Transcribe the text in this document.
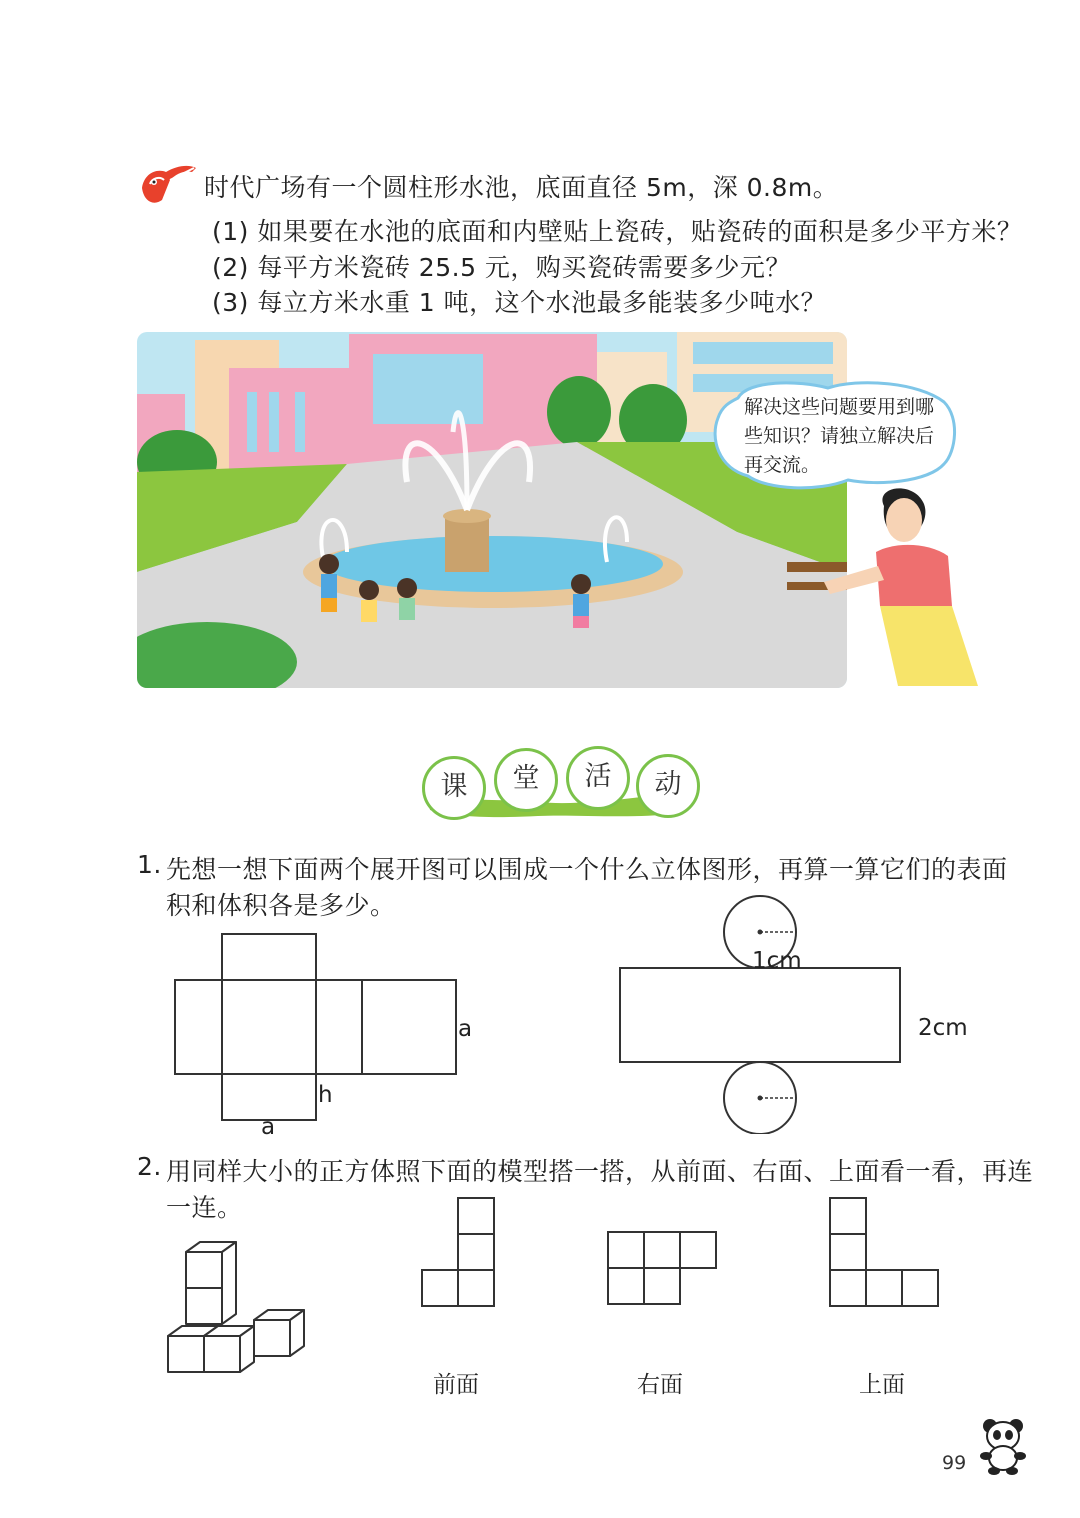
时代广场有一个圆柱形水池，底面直径 5m，深 0.8m。
(1) 如果要在水池的底面和内壁贴上瓷砖，贴瓷砖的面积是多少平方米？
(2) 每平方米瓷砖 25.5 元，购买瓷砖需要多少元？
(3) 每立方米水重 1 吨，这个水池最多能装多少吨水？
解决这些问题要用到哪些知识？请独立解决后再交流。
课	堂	活	动
1. 先想一想下面两个展开图可以围成一个什么立体图形，再算一算它们的表面
积和体积各是多少。
a
h
a
1cm
2cm
2. 用同样大小的正方体照下面的模型搭一搭，从前面、右面、上面看一看，再连
一连。
前面	右面	上面
99
